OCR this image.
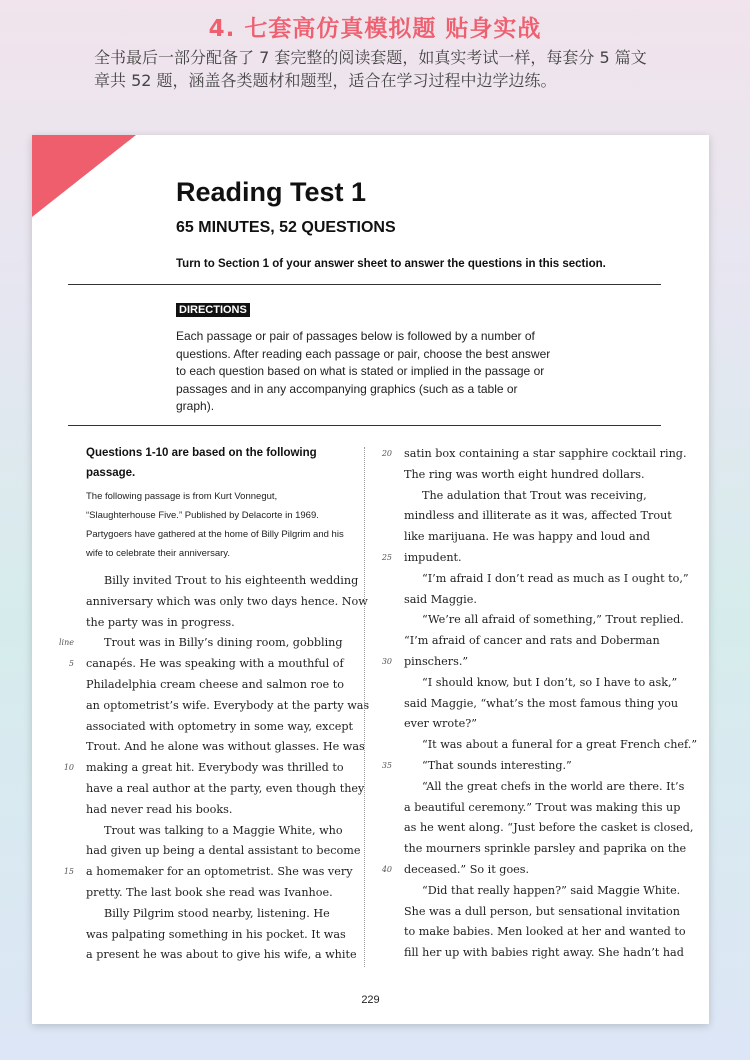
4. 七套高仿真模拟题 贴身实战
全书最后一部分配备了 7 套完整的阅读套题，如真实考试一样，每套分 5 篇文章共 52 题，涵盖各类题材和题型，适合在学习过程中边学边练。
Reading Test 1
65 MINUTES, 52 QUESTIONS
Turn to Section 1 of your answer sheet to answer the questions in this section.
DIRECTIONS
Each passage or pair of passages below is followed by a number of questions. After reading each passage or pair, choose the best answer to each question based on what is stated or implied in the passage or passages and in any accompanying graphics (such as a table or graph).
Questions 1-10 are based on the following passage.
The following passage is from Kurt Vonnegut, “Slaughterhouse Five.” Published by Delacorte in 1969. Partygoers have gathered at the home of Billy Pilgrim and his wife to celebrate their anniversary.
Billy invited Trout to his eighteenth wedding
anniversary which was only two days hence. Now
the party was in progress.
line	Trout was in Billy’s dining room, gobbling
5 canapés. He was speaking with a mouthful of
Philadelphia cream cheese and salmon roe to
an optometrist’s wife. Everybody at the party was
associated with optometry in some way, except
Trout. And he alone was without glasses. He was
10 making a great hit. Everybody was thrilled to
have a real author at the party, even though they
had never read his books.
Trout was talking to a Maggie White, who
had given up being a dental assistant to become
15 a homemaker for an optometrist. She was very
pretty. The last book she read was Ivanhoe.
Billy Pilgrim stood nearby, listening. He
was palpating something in his pocket. It was
a present he was about to give his wife, a white
20 satin box containing a star sapphire cocktail ring.
The ring was worth eight hundred dollars.
The adulation that Trout was receiving,
mindless and illiterate as it was, affected Trout
like marijuana. He was happy and loud and
25 impudent.
“I’m afraid I don’t read as much as I ought to,”
said Maggie.
“We’re all afraid of something,” Trout replied.
“I’m afraid of cancer and rats and Doberman
30 pinschers.”
“I should know, but I don’t, so I have to ask,”
said Maggie, “what’s the most famous thing you
ever wrote?”
“It was about a funeral for a great French chef.”
35	“That sounds interesting.”
“All the great chefs in the world are there. It’s
a beautiful ceremony.” Trout was making this up
as he went along. “Just before the casket is closed,
the mourners sprinkle parsley and paprika on the
40 deceased.” So it goes.
“Did that really happen?” said Maggie White.
She was a dull person, but sensational invitation
to make babies. Men looked at her and wanted to
fill her up with babies right away. She hadn’t had
229
